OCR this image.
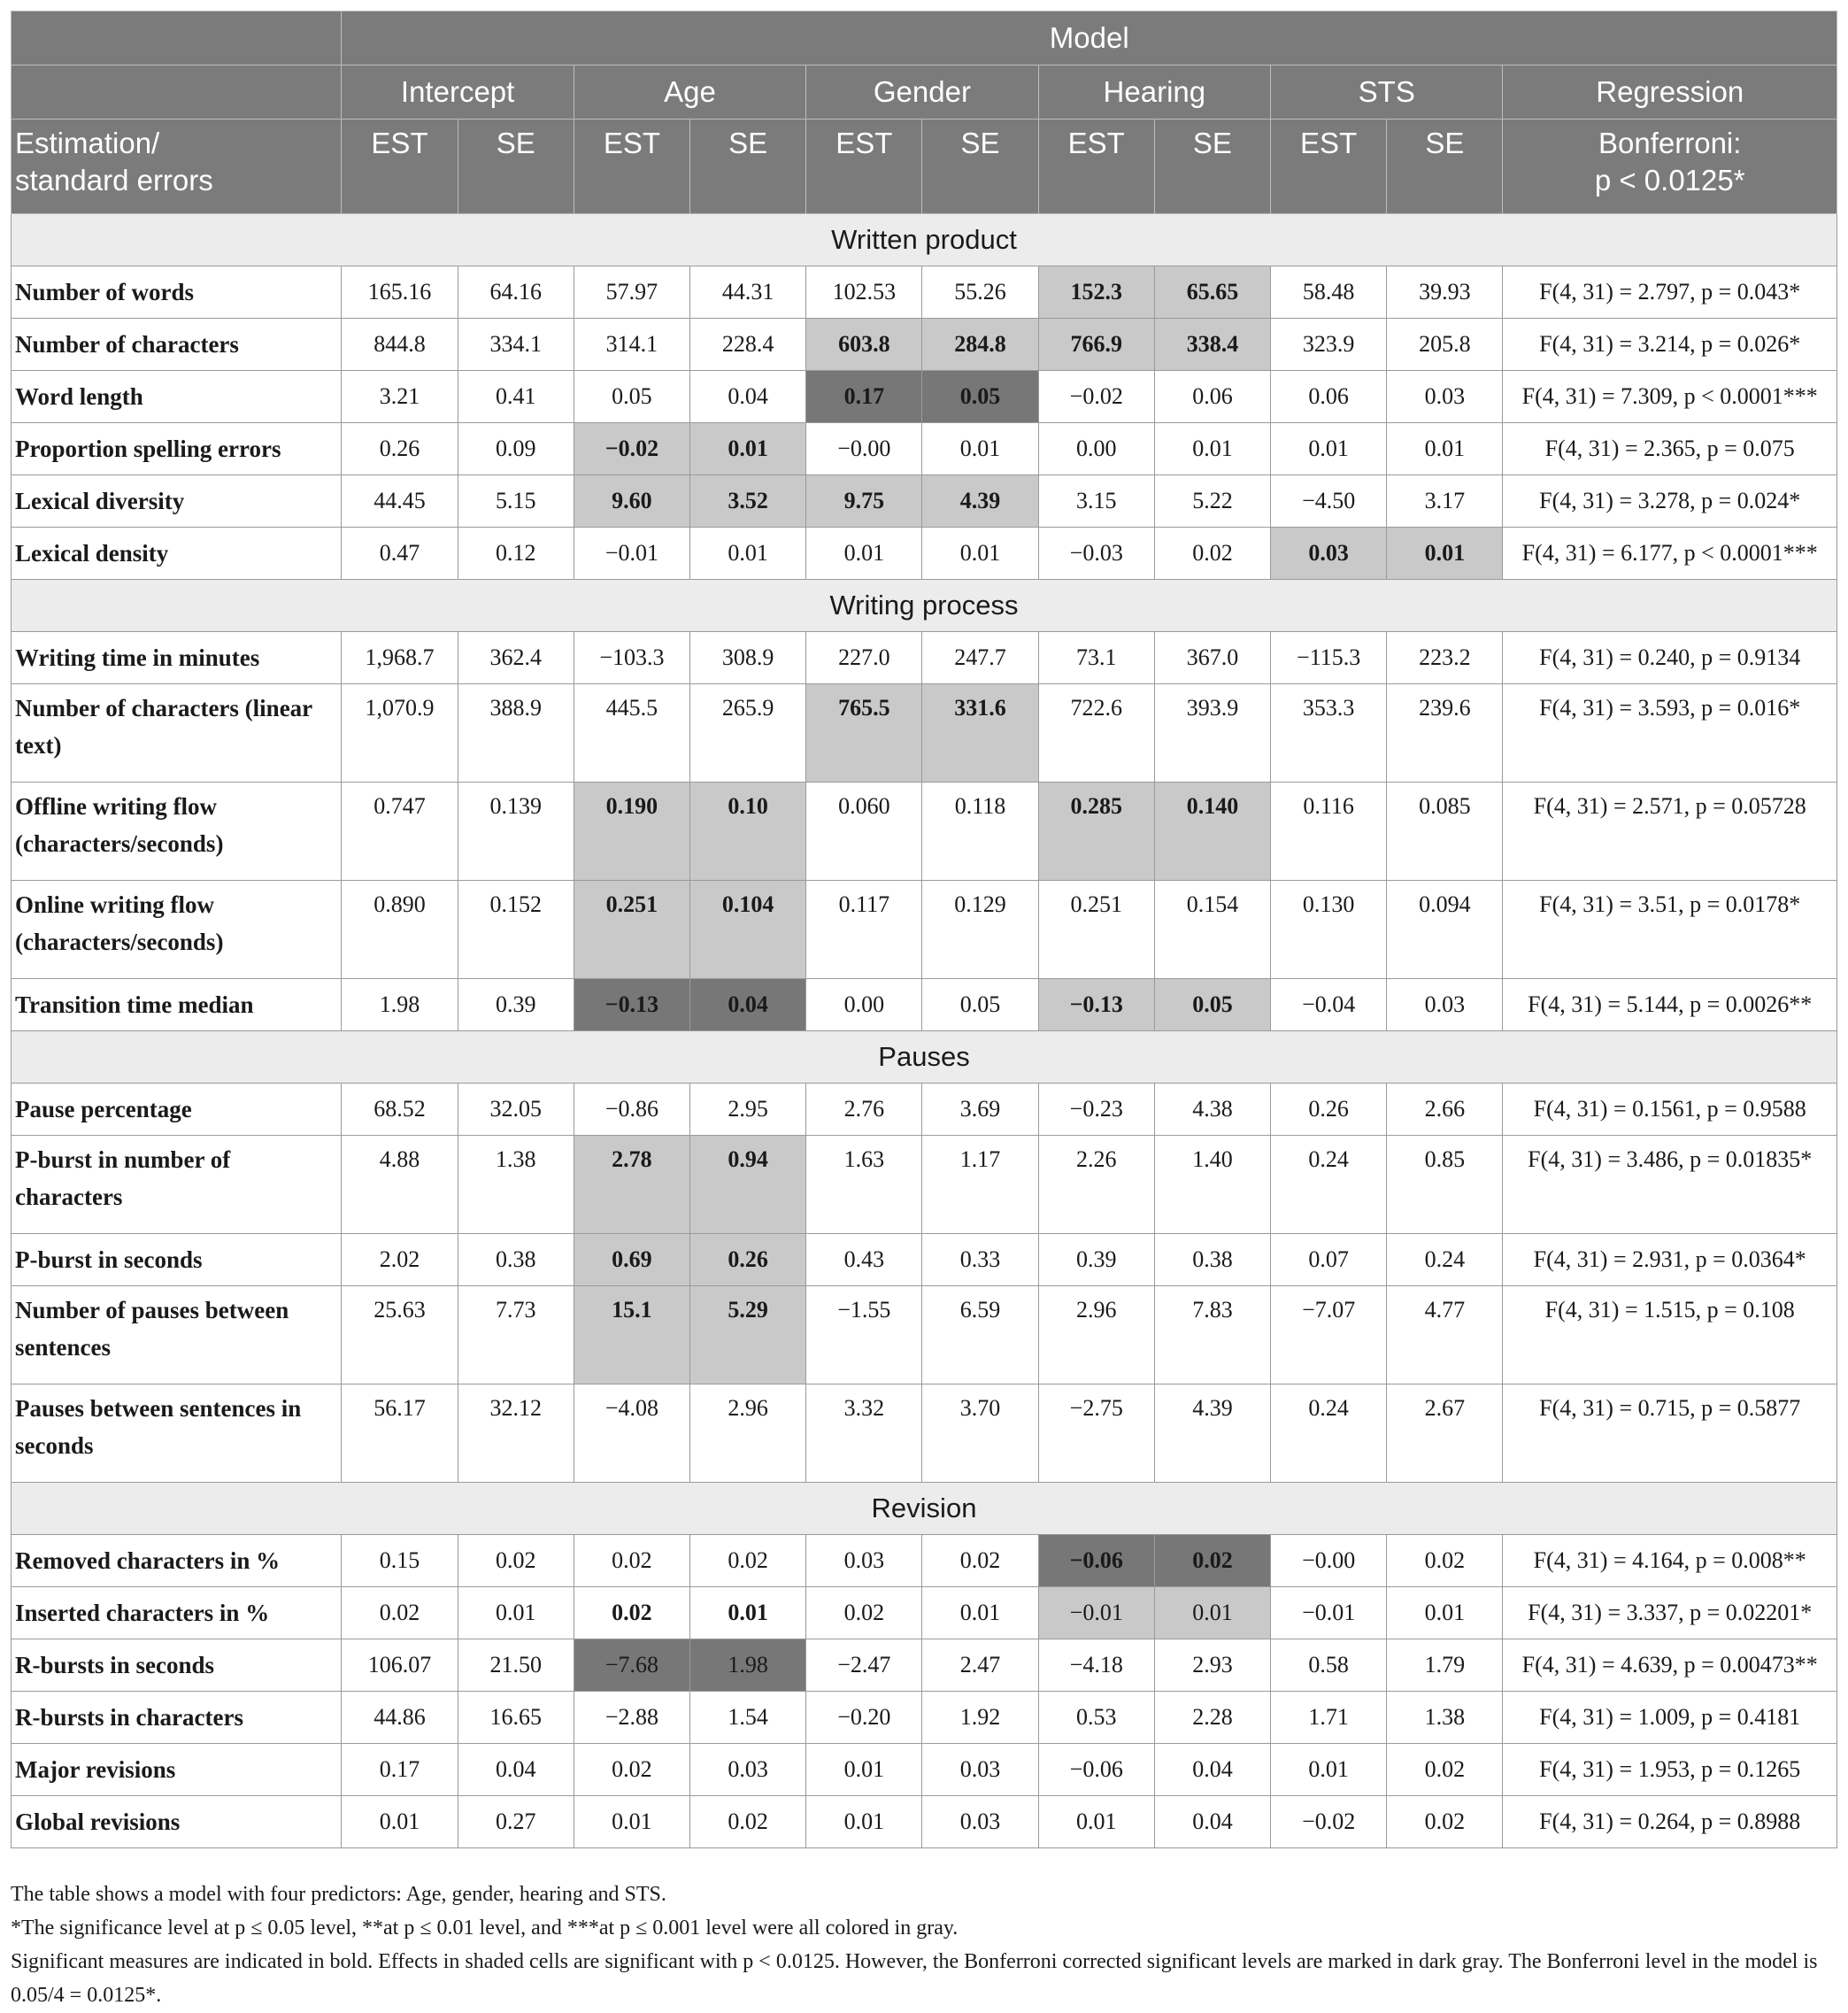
	Model										
	Intercept		Age		Gender		Hearing		STS		Regression
Estimation/
standard errors	EST	SE	EST	SE	EST	SE	EST	SE	EST	SE	Bonferroni:
p < 0.0125*
Written product											
Number of words	165.16	64.16	57.97	44.31	102.53	55.26	152.3	65.65	58.48	39.93	F(4, 31) = 2.797, p = 0.043*
Number of characters	844.8	334.1	314.1	228.4	603.8	284.8	766.9	338.4	323.9	205.8	F(4, 31) = 3.214, p = 0.026*
Word length	3.21	0.41	0.05	0.04	0.17	0.05	−0.02	0.06	0.06	0.03	F(4, 31) = 7.309, p < 0.0001***
Proportion spelling errors	0.26	0.09	−0.02	0.01	−0.00	0.01	0.00	0.01	0.01	0.01	F(4, 31) = 2.365, p = 0.075
Lexical diversity	44.45	5.15	9.60	3.52	9.75	4.39	3.15	5.22	−4.50	3.17	F(4, 31) = 3.278, p = 0.024*
Lexical density	0.47	0.12	−0.01	0.01	0.01	0.01	−0.03	0.02	0.03	0.01	F(4, 31) = 6.177, p < 0.0001***
Writing process											
Writing time in minutes	1,968.7	362.4	−103.3	308.9	227.0	247.7	73.1	367.0	−115.3	223.2	F(4, 31) = 0.240, p = 0.9134
Number of characters (linear text)	1,070.9	388.9	445.5	265.9	765.5	331.6	722.6	393.9	353.3	239.6	F(4, 31) = 3.593, p = 0.016*
Offline writing flow (characters/seconds)	0.747	0.139	0.190	0.10	0.060	0.118	0.285	0.140	0.116	0.085	F(4, 31) = 2.571, p = 0.05728
Online writing flow (characters/seconds)	0.890	0.152	0.251	0.104	0.117	0.129	0.251	0.154	0.130	0.094	F(4, 31) = 3.51, p = 0.0178*
Transition time median	1.98	0.39	−0.13	0.04	0.00	0.05	−0.13	0.05	−0.04	0.03	F(4, 31) = 5.144, p = 0.0026**
Pauses											
Pause percentage	68.52	32.05	−0.86	2.95	2.76	3.69	−0.23	4.38	0.26	2.66	F(4, 31) = 0.1561, p = 0.9588
P-burst in number of characters	4.88	1.38	2.78	0.94	1.63	1.17	2.26	1.40	0.24	0.85	F(4, 31) = 3.486, p = 0.01835*
P-burst in seconds	2.02	0.38	0.69	0.26	0.43	0.33	0.39	0.38	0.07	0.24	F(4, 31) = 2.931, p = 0.0364*
Number of pauses between sentences	25.63	7.73	15.1	5.29	−1.55	6.59	2.96	7.83	−7.07	4.77	F(4, 31) = 1.515, p = 0.108
Pauses between sentences in seconds	56.17	32.12	−4.08	2.96	3.32	3.70	−2.75	4.39	0.24	2.67	F(4, 31) = 0.715, p = 0.5877
Revision											
Removed characters in %	0.15	0.02	0.02	0.02	0.03	0.02	−0.06	0.02	−0.00	0.02	F(4, 31) = 4.164, p = 0.008**
Inserted characters in %	0.02	0.01	0.02	0.01	0.02	0.01	−0.01	0.01	−0.01	0.01	F(4, 31) = 3.337, p = 0.02201*
R-bursts in seconds	106.07	21.50	−7.68	1.98	−2.47	2.47	−4.18	2.93	0.58	1.79	F(4, 31) = 4.639, p = 0.00473**
R-bursts in characters	44.86	16.65	−2.88	1.54	−0.20	1.92	0.53	2.28	1.71	1.38	F(4, 31) = 1.009, p = 0.4181
Major revisions	0.17	0.04	0.02	0.03	0.01	0.03	−0.06	0.04	0.01	0.02	F(4, 31) = 1.953, p = 0.1265
Global revisions	0.01	0.27	0.01	0.02	0.01	0.03	0.01	0.04	−0.02	0.02	F(4, 31) = 0.264, p = 0.8988

The table shows a model with four predictors: Age, gender, hearing and STS.

*The significance level at p ≤ 0.05 level, **at p ≤ 0.01 level, and ***at p ≤ 0.001 level were all colored in gray.

Significant measures are indicated in bold. Effects in shaded cells are significant with p < 0.0125. However, the Bonferroni corrected significant levels are marked in dark gray. The Bonferroni level in the model is 0.05/4 = 0.0125*.
